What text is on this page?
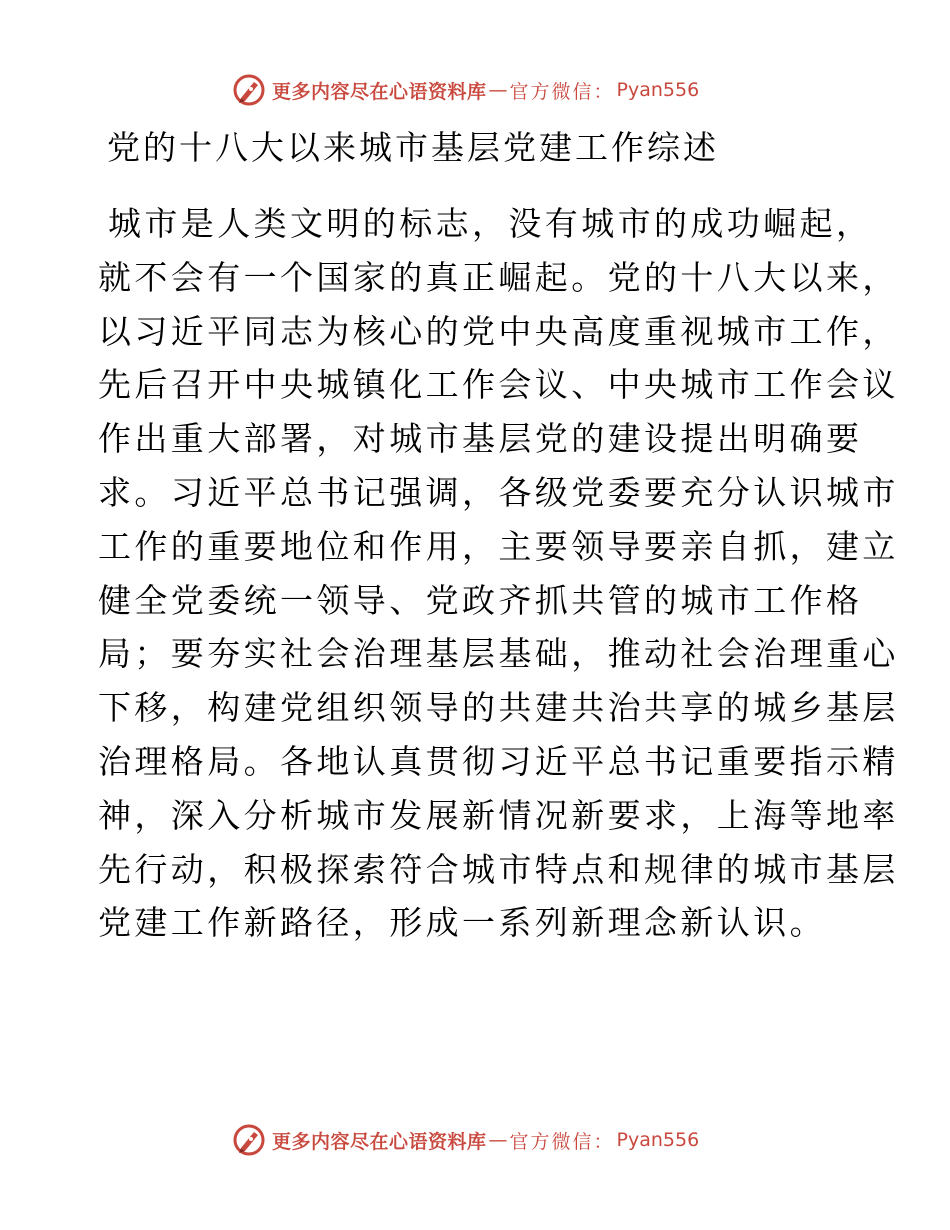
更多内容尽在心语资料库 — 官方微信： Pyan556
党的十八大以来城市基层党建工作综述
城市是人类文明的标志，没有城市的成功崛起，
就不会有一个国家的真正崛起。党的十八大以来，
以习近平同志为核心的党中央高度重视城市工作，
先后召开中央城镇化工作会议、中央城市工作会议
作出重大部署，对城市基层党的建设提出明确要
求。习近平总书记强调，各级党委要充分认识城市
工作的重要地位和作用，主要领导要亲自抓，建立
健全党委统一领导、党政齐抓共管的城市工作格
局；要夯实社会治理基层基础，推动社会治理重心
下移，构建党组织领导的共建共治共享的城乡基层
治理格局。各地认真贯彻习近平总书记重要指示精
神，深入分析城市发展新情况新要求，上海等地率
先行动，积极探索符合城市特点和规律的城市基层
党建工作新路径，形成一系列新理念新认识。
更多内容尽在心语资料库 — 官方微信： Pyan556
